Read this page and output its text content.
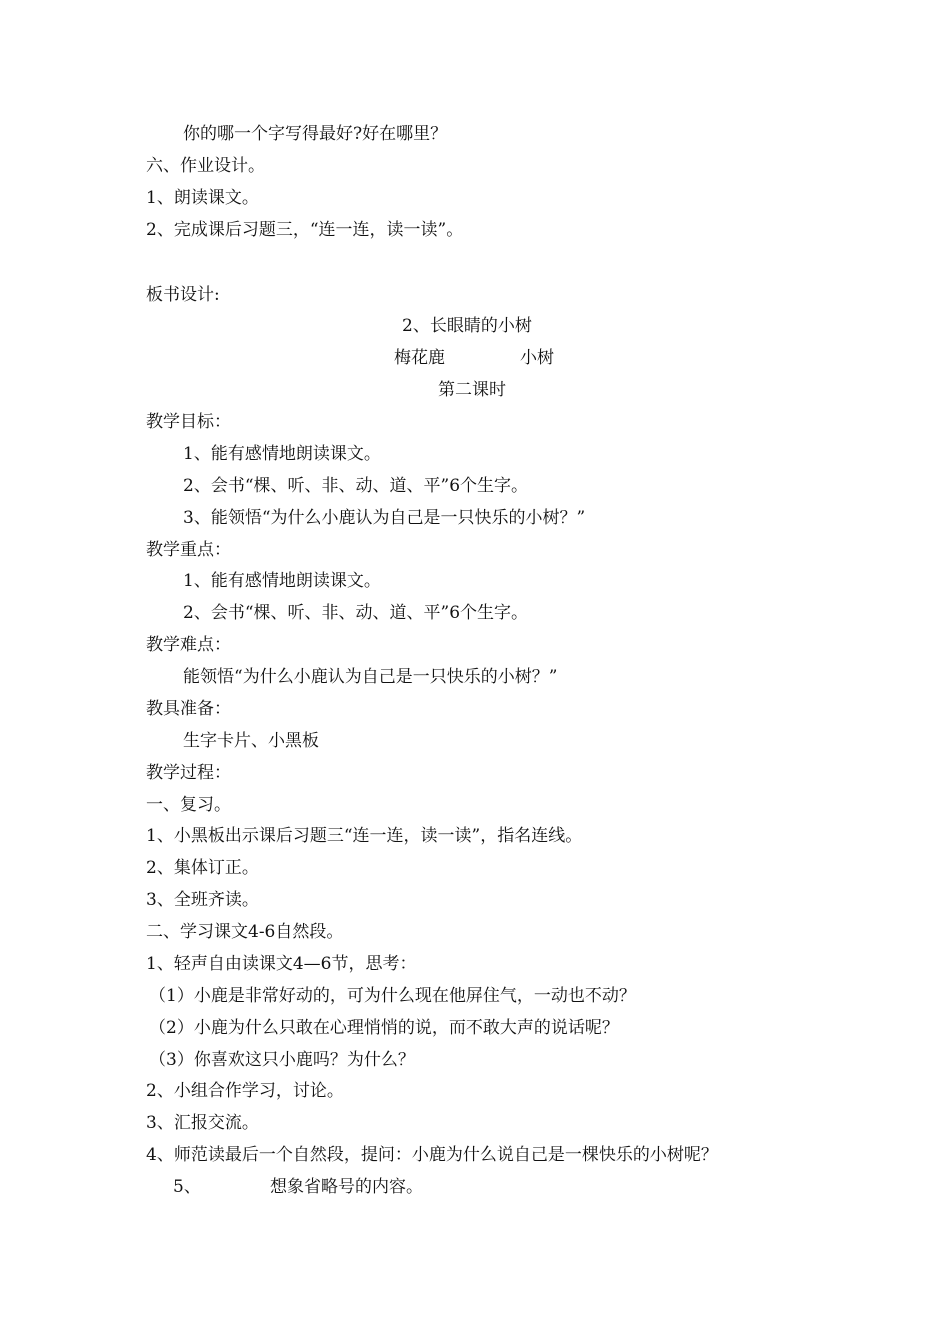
你的哪一个字写得最好?好在哪里？
六、作业设计。
1、朗读课文。
2、完成课后习题三，“连一连，读一读”。
板书设计:
2、长眼睛的小树
梅花鹿	小树
第二课时
教学目标：
1、能有感情地朗读课文。
2、会书“棵、听、非、动、道、平”6个生字。
3、能领悟“为什么小鹿认为自己是一只快乐的小树？”
教学重点：
1、能有感情地朗读课文。
2、会书“棵、听、非、动、道、平”6个生字。
教学难点：
能领悟“为什么小鹿认为自己是一只快乐的小树？”
教具准备：
生字卡片、小黑板
教学过程：
一、复习。
1、小黑板出示课后习题三“连一连，读一读”，指名连线。
2、集体订正。
3、全班齐读。
二、学习课文4-6自然段。
1、轻声自由读课文4—6节，思考：
（1）小鹿是非常好动的，可为什么现在他屏住气，一动也不动？
（2）小鹿为什么只敢在心理悄悄的说，而不敢大声的说话呢？
（3）你喜欢这只小鹿吗？为什么？
2、小组合作学习，讨论。
3、汇报交流。
4、师范读最后一个自然段，提问：小鹿为什么说自己是一棵快乐的小树呢？
5、	想象省略号的内容。
